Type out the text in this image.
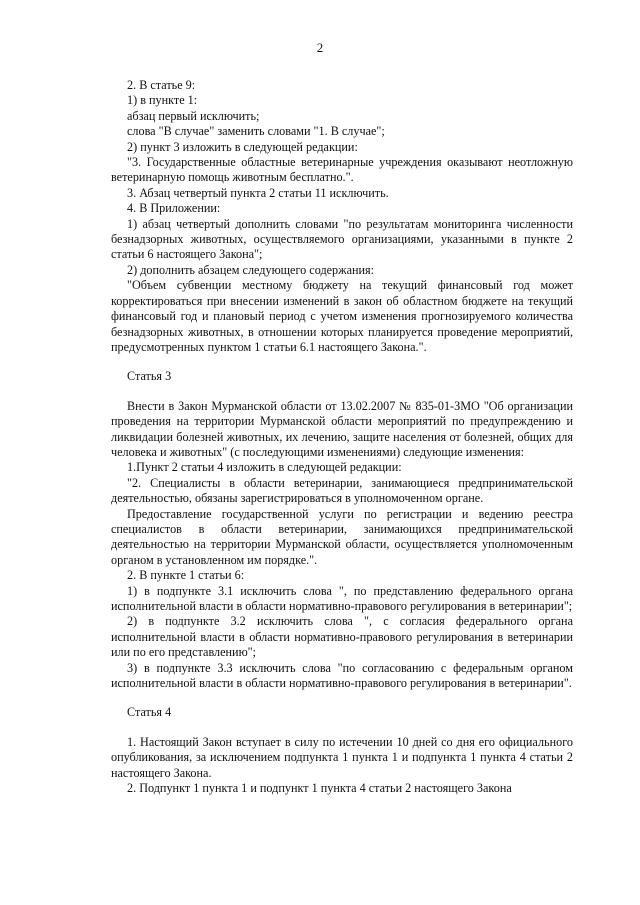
2

2. В статье 9:

1) в пункте 1:

абзац первый исключить;

слова "В случае" заменить словами "1. В случае";

2) пункт 3 изложить в следующей редакции:

"3. Государственные областные ветеринарные учреждения оказывают неотложную ветеринарную помощь животным бесплатно.".

3. Абзац четвертый пункта 2 статьи 11 исключить.

4. В Приложении:

1) абзац четвертый дополнить словами "по результатам мониторинга численности безнадзорных животных, осуществляемого организациями, указанными в пункте 2 статьи 6 настоящего Закона";

2) дополнить абзацем следующего содержания:

"Объем субвенции местному бюджету на текущий финансовый год может корректироваться при внесении изменений в закон об областном бюджете на текущий финансовый год и плановый период с учетом изменения прогнозируемого количества безнадзорных животных, в отношении которых планируется проведение мероприятий, предусмотренных пунктом 1 статьи 6.1 настоящего Закона.".

Статья 3

Внести в Закон Мурманской области от 13.02.2007 № 835-01-ЗМО "Об организации проведения на территории Мурманской области мероприятий по предупреждению и ликвидации болезней животных, их лечению, защите населения от болезней, общих для человека и животных" (с последующими изменениями) следующие изменения:

1.Пункт 2 статьи 4 изложить в следующей редакции:

"2. Специалисты в области ветеринарии, занимающиеся предпринимательской деятельностью, обязаны зарегистрироваться в уполномоченном органе.

Предоставление государственной услуги по регистрации и ведению реестра специалистов в области ветеринарии, занимающихся предпринимательской деятельностью на территории Мурманской области, осуществляется уполномоченным органом в установленном им порядке.".

2. В пункте 1 статьи 6:

1) в подпункте 3.1 исключить слова ", по представлению федерального органа исполнительной власти в области нормативно-правового регулирования в ветеринарии";

2) в подпункте 3.2 исключить слова ", с согласия федерального органа исполнительной власти в области нормативно-правового регулирования в ветеринарии или по его представлению";

3) в подпункте 3.3 исключить слова "по согласованию с федеральным органом исполнительной власти в области нормативно-правового регулирования в ветеринарии".

Статья 4

1. Настоящий Закон вступает в силу по истечении 10 дней со дня его официального опубликования, за исключением подпункта 1 пункта 1 и подпункта 1 пункта 4 статьи 2 настоящего Закона.

2. Подпункт 1 пункта 1 и подпункт 1 пункта 4 статьи 2 настоящего Закона
